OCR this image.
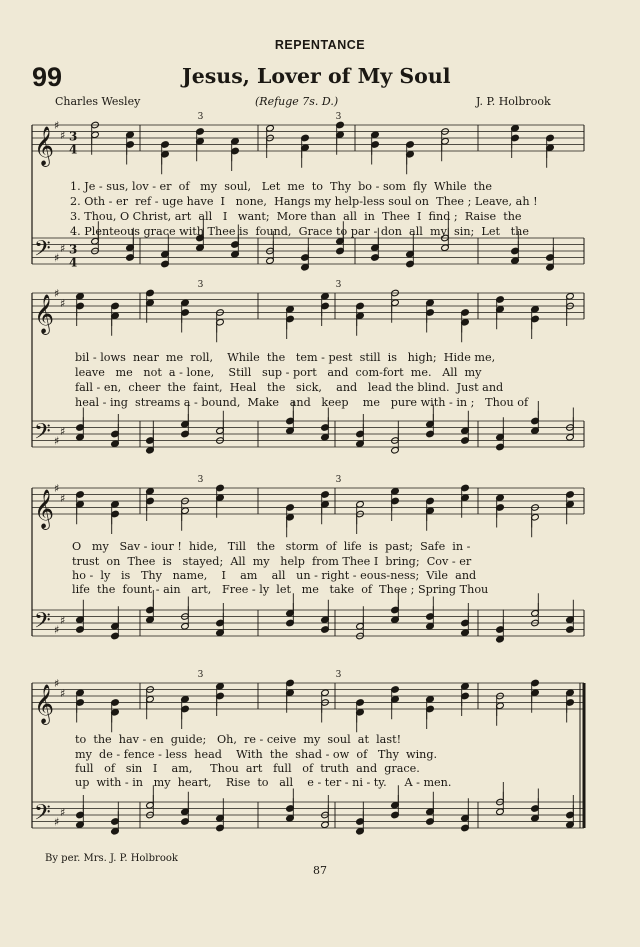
REPENTANCE
99	Jesus, Lover of My Soul
Charles Wesley	(Refuge 7s. D.)	J. P. Holbrook
𝄞
♯
♯ 3
4
𝄢 ♯
♯ 3
4
3	3
𝄞
♯
♯
𝄢 ♯
♯
3	3
𝄞
♯
♯
𝄢 ♯
♯
3	3
𝄞
♯
♯
𝄢 ♯
♯
3	3
1. Je - sus, lov - er  of   my  soul,   Let  me  to  Thy  bo - som  fly  While  the
2. Oth - er  ref - uge have  I   none,  Hangs my help-less soul on  Thee ; Leave, ah !
3. Thou, O Christ, art  all   I   want;  More than  all  in  Thee  I  find ;  Raise  the
4. Plenteous grace with Thee is  found,  Grace to par - don  all  my  sin;  Let   the
bil - lows  near  me  roll,    While  the   tem - pest  still  is   high;  Hide me,
leave   me   not  a - lone,    Still   sup - port   and  com-fort  me.   All  my
fall - en,  cheer  the  faint,  Heal   the   sick,    and   lead the blind.  Just and
heal - ing  streams a - bound,  Make   and   keep    me   pure with - in ;   Thou of
O   my   Sav - iour !  hide,   Till   the   storm  of  life  is  past;  Safe  in -
trust  on  Thee  is   stayed;  All  my   help  from Thee I  bring;  Cov - er
ho -  ly   is   Thy   name,    I    am    all   un - right - eous-ness;  Vile  and
life  the  fount - ain   art,   Free - ly  let   me   take  of  Thee ; Spring Thou
to  the  hav - en  guide;   Oh,  re - ceive  my  soul  at  last!
my  de - fence - less  head    With  the  shad - ow  of   Thy  wing.
full   of   sin   I    am,     Thou  art   full   of  truth  and  grace.
up  with - in   my  heart,    Rise  to   all    e - ter - ni - ty.     A - men.
By per. Mrs. J. P. Holbrook
87
